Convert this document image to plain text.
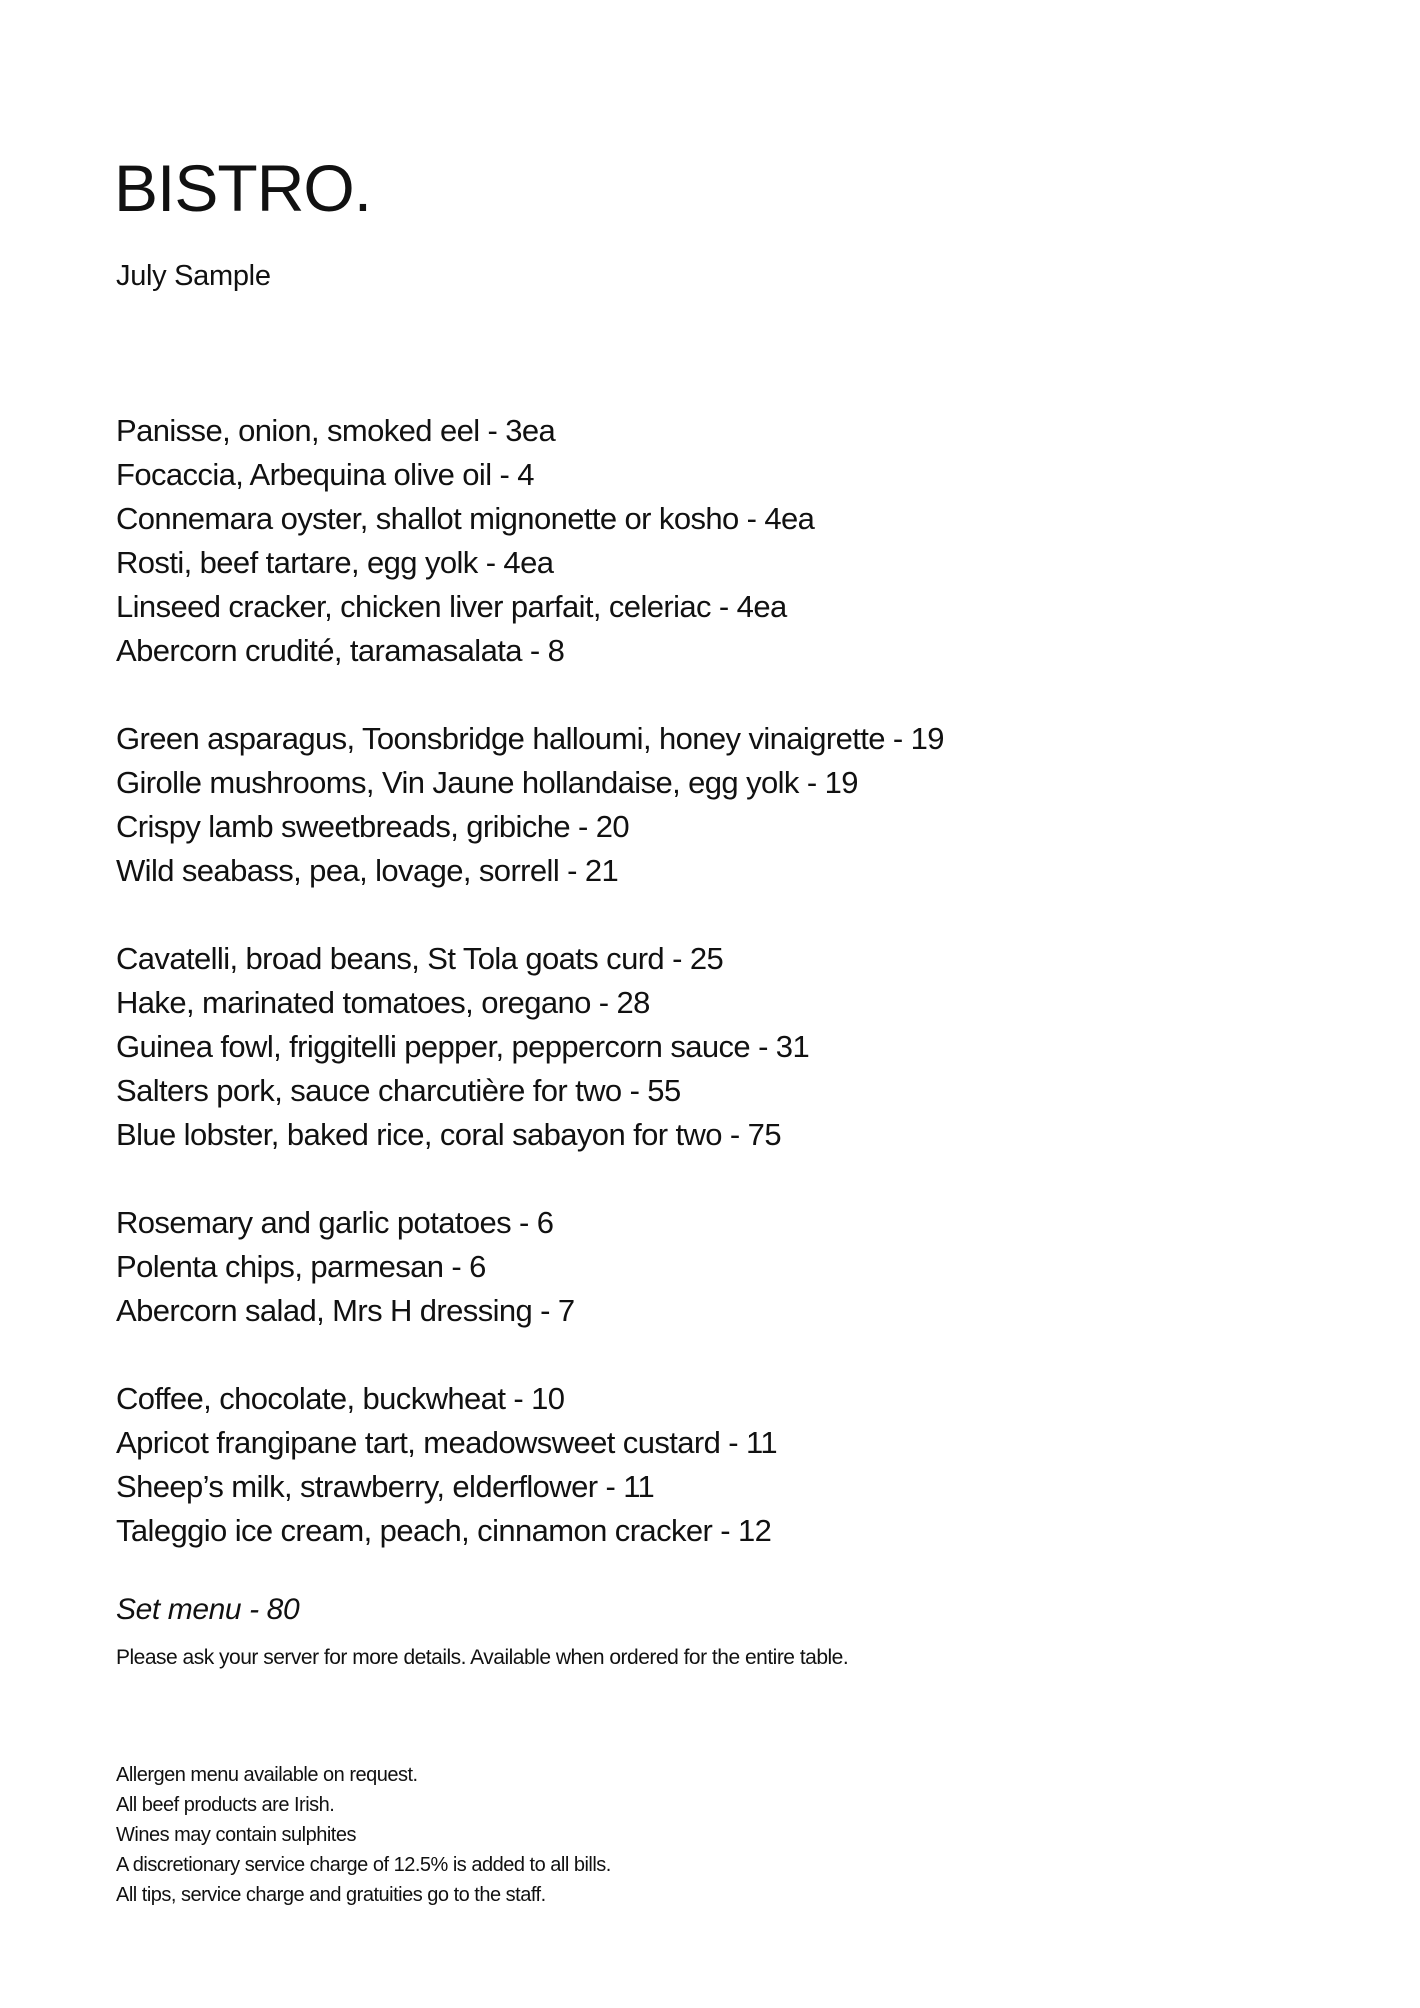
BISTRO.
July Sample
Panisse, onion, smoked eel - 3ea
Focaccia, Arbequina olive oil - 4
Connemara oyster, shallot mignonette or kosho - 4ea
Rosti, beef tartare, egg yolk - 4ea
Linseed cracker, chicken liver parfait, celeriac - 4ea
Abercorn crudité, taramasalata - 8
Green asparagus, Toonsbridge halloumi, honey vinaigrette - 19
Girolle mushrooms, Vin Jaune hollandaise, egg yolk - 19
Crispy lamb sweetbreads, gribiche - 20
Wild seabass, pea, lovage, sorrell - 21
Cavatelli, broad beans, St Tola goats curd - 25
Hake, marinated tomatoes, oregano - 28
Guinea fowl, friggitelli pepper, peppercorn sauce - 31
Salters pork, sauce charcutière for two - 55
Blue lobster, baked rice, coral sabayon for two - 75
Rosemary and garlic potatoes - 6
Polenta chips, parmesan - 6
Abercorn salad, Mrs H dressing - 7
Coffee, chocolate, buckwheat - 10
Apricot frangipane tart, meadowsweet custard - 11
Sheep’s milk, strawberry, elderflower - 11
Taleggio ice cream, peach, cinnamon cracker - 12
Set menu - 80
Please ask your server for more details. Available when ordered for the entire table.
Allergen menu available on request.
All beef products are Irish.
Wines may contain sulphites
A discretionary service charge of 12.5% is added to all bills.
All tips, service charge and gratuities go to the staff.
